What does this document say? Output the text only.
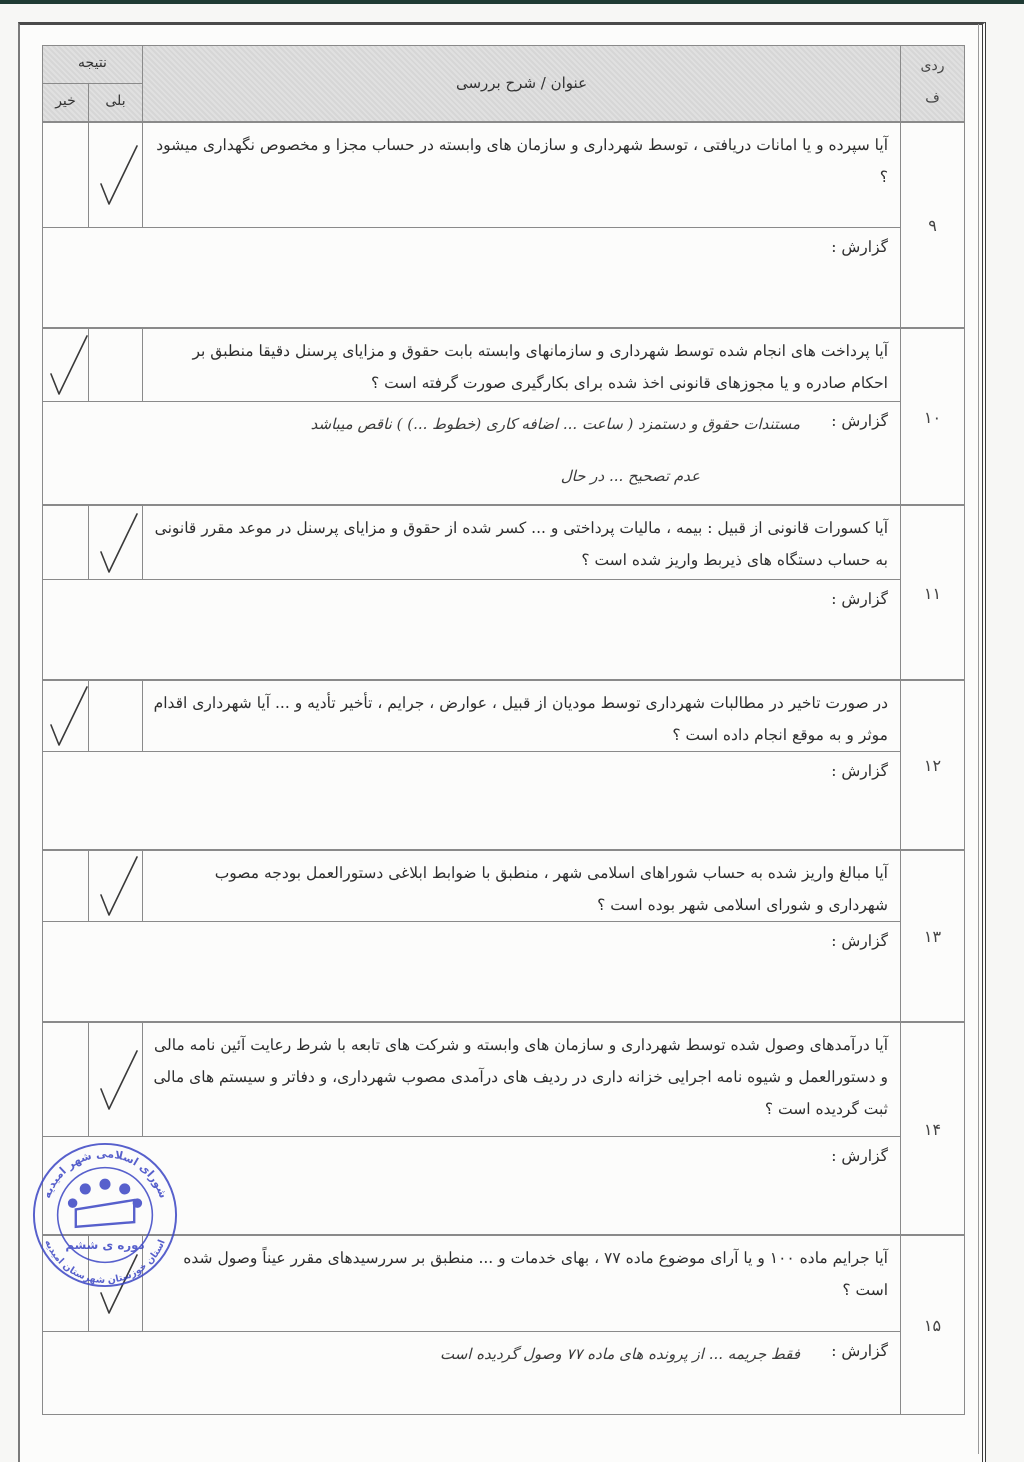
ردی
ف
عنوان / شرح بررسی
نتیجه
بلی
خیر
۹
آیا سپرده و یا امانات دریافتی ، توسط شهرداری و سازمان های وابسته در حساب مجزا و مخصوص نگهداری میشود ؟
گزارش :
۱۰
آیا پرداخت های انجام شده توسط شهرداری و سازمانهای وابسته بابت حقوق و مزایای پرسنل دقیقا منطبق بر احکام صادره و یا مجوزهای قانونی اخذ شده برای بکارگیری صورت گرفته است ؟
گزارش :
مستندات حقوق و دستمزد ( ساعت ... اضافه کاری (خطوط ...) ) ناقص میباشد
عدم تصحیح ... در حال
۱۱
آیا کسورات قانونی از قبیل : بیمه ، مالیات پرداختی و ... کسر شده از حقوق و مزایای پرسنل در موعد مقرر قانونی به حساب دستگاه های ذیربط واریز شده است ؟
گزارش :
۱۲
در صورت تاخیر در مطالبات شهرداری توسط مودیان از قبیل ، عوارض ، جرایم ، تأخیر تأدیه و ... آیا شهرداری اقدام موثر و به موقع انجام داده است ؟
گزارش :
۱۳
آیا مبالغ واریز شده به حساب شوراهای اسلامی شهر ، منطبق با ضوابط ابلاغی دستورالعمل بودجه مصوب شهرداری و شورای اسلامی شهر بوده است ؟
گزارش :
۱۴
آیا درآمدهای وصول شده توسط شهرداری و سازمان های وابسته و شرکت های تابعه با شرط رعایت آئین نامه مالی و دستورالعمل و شیوه نامه اجرایی خزانه داری در ردیف های درآمدی مصوب شهرداری، و دفاتر و سیستم های مالی ثبت گردیده است ؟
گزارش :
۱۵
آیا جرایم ماده ۱۰۰ و یا آرای موضوع ماده ۷۷ ، بهای خدمات و ... منطبق بر سررسیدهای مقرر عیناً وصول شده است ؟
گزارش :
فقط جریمه ... از پرونده های ماده ۷۷ وصول گردیده است
شورای اسلامی شهر امیدیه
استان خوزستان شهرستان امیدیه
دوره ی ششم
